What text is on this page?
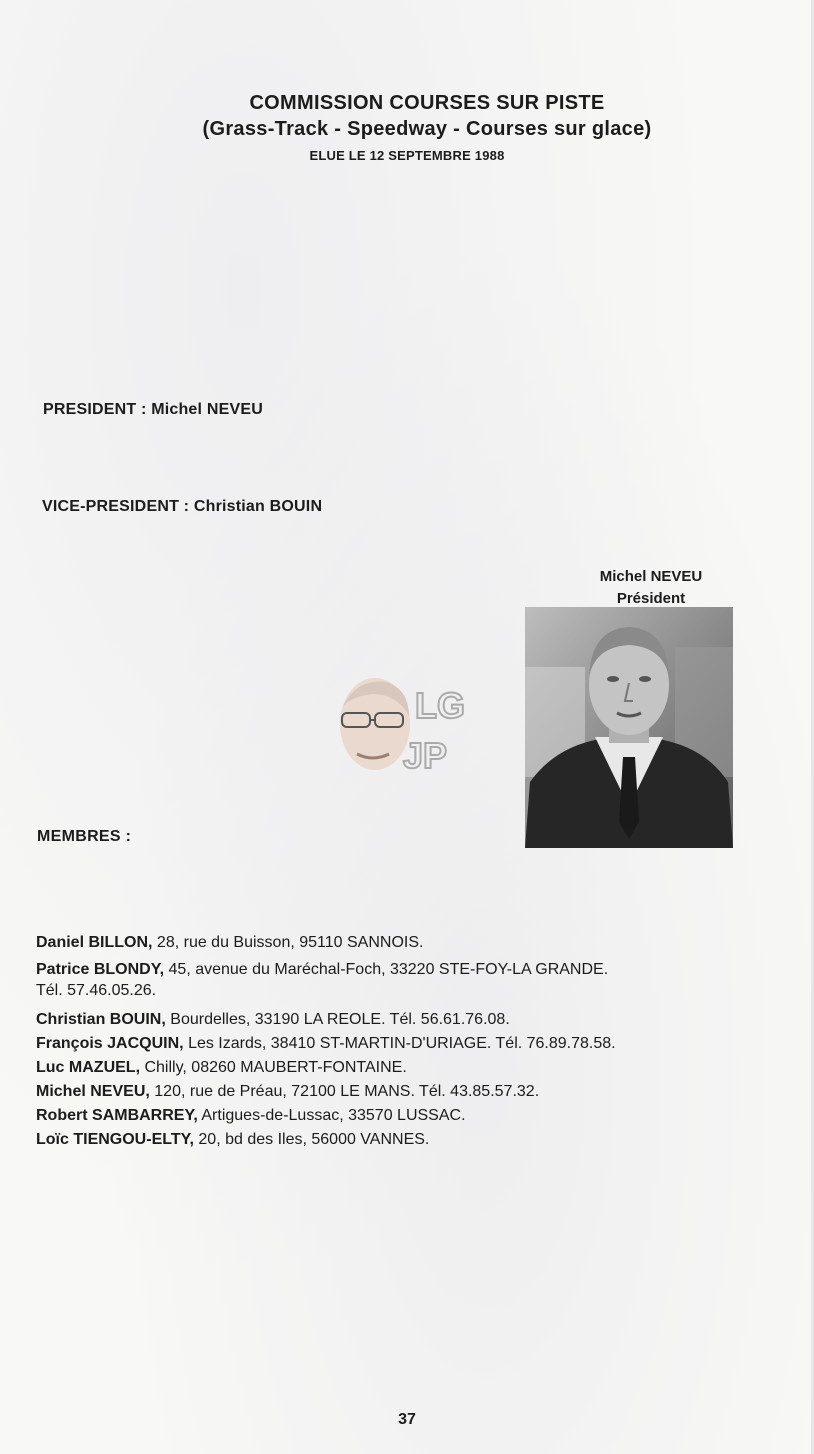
COMMISSION COURSES SUR PISTE
(Grass-Track - Speedway - Courses sur glace)
ELUE LE 12 SEPTEMBRE 1988
PRESIDENT : Michel NEVEU
VICE-PRESIDENT : Christian BOUIN
Michel NEVEU
Président
LG
JP
MEMBRES :
Daniel BILLON, 28, rue du Buisson, 95110 SANNOIS.
Patrice BLONDY, 45, avenue du Maréchal-Foch, 33220 STE-FOY-LA GRANDE.
Tél. 57.46.05.26.
Christian BOUIN, Bourdelles, 33190 LA REOLE. Tél. 56.61.76.08.
François JACQUIN, Les Izards, 38410 ST-MARTIN-D'URIAGE. Tél. 76.89.78.58.
Luc MAZUEL, Chilly, 08260 MAUBERT-FONTAINE.
Michel NEVEU, 120, rue de Préau, 72100 LE MANS. Tél. 43.85.57.32.
Robert SAMBARREY, Artigues-de-Lussac, 33570 LUSSAC.
Loïc TIENGOU-ELTY, 20, bd des Iles, 56000 VANNES.
37
